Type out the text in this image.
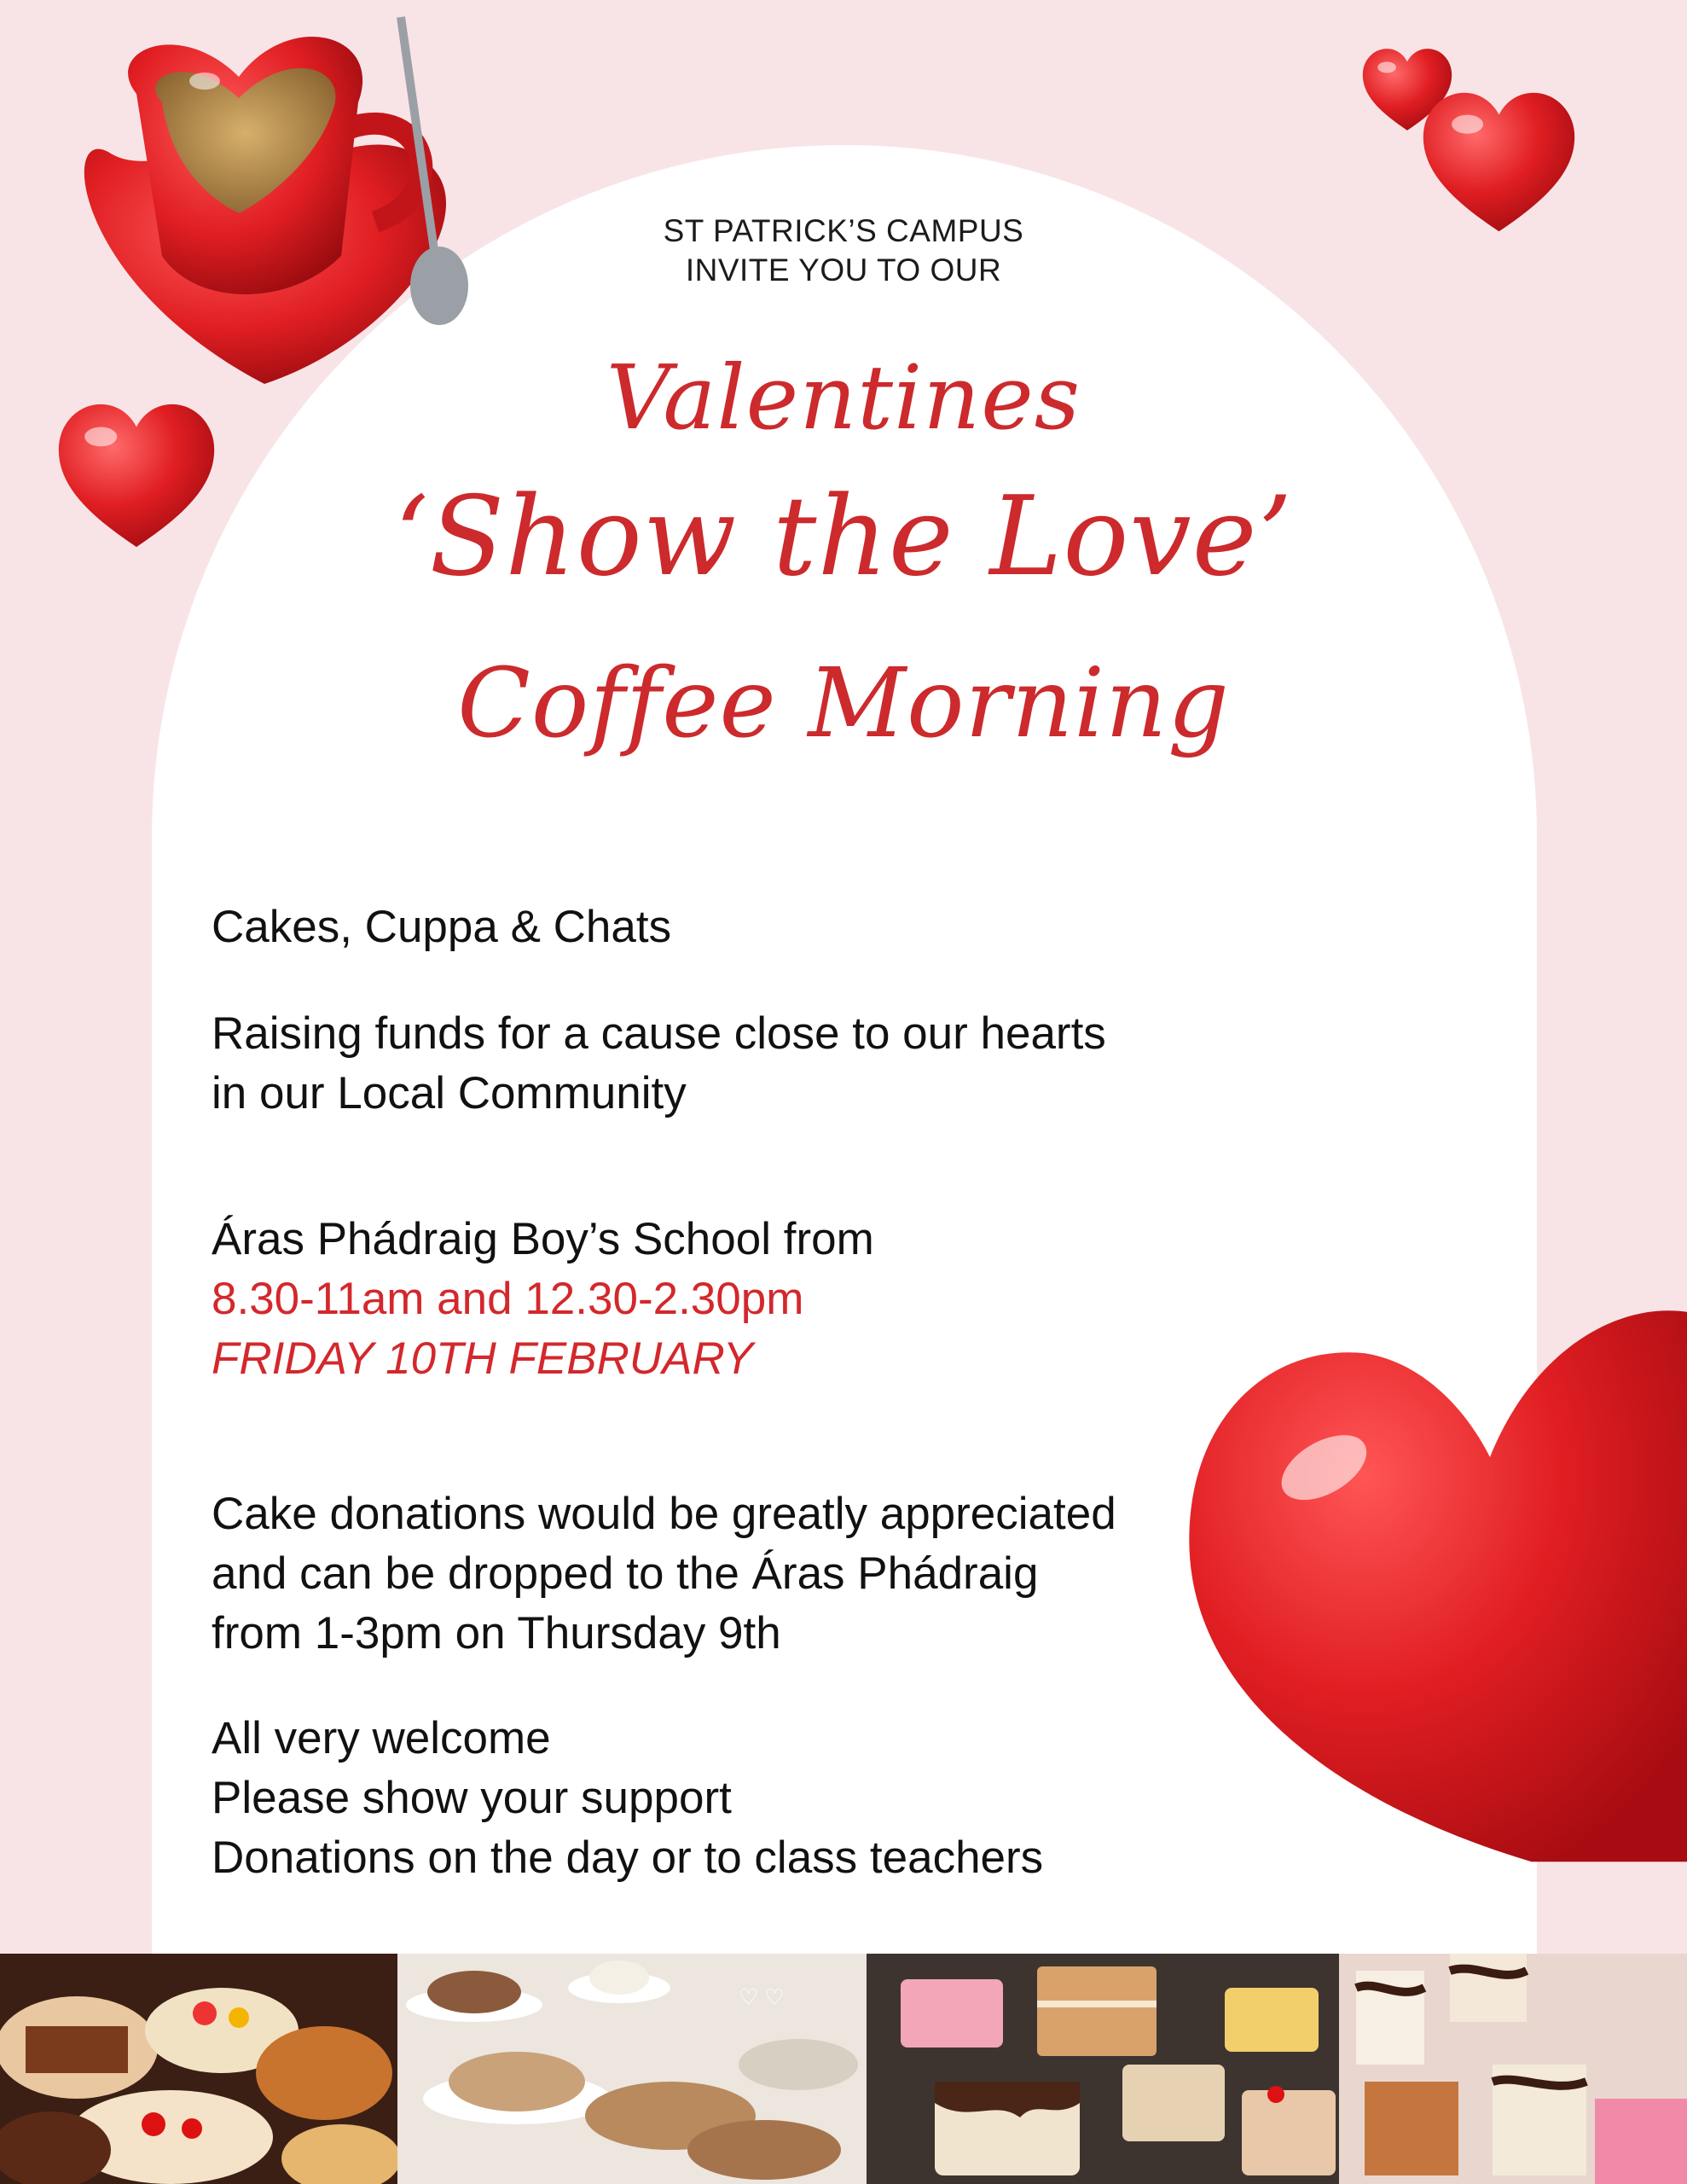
ST PATRICK’S CAMPUS
INVITE YOU TO OUR
Valentines
‘Show the Love’
Coffee Morning
Cakes, Cuppa & Chats
Raising funds for a cause close to our hearts
in our Local Community
Áras Phádraig Boy’s School from
8.30-11am and 12.30-2.30pm
FRIDAY 10TH FEBRUARY
Cake donations would be greatly appreciated
and can be dropped to the Áras Phádraig
from 1-3pm on Thursday 9th
All very welcome
Please show your support
Donations on the day or to class teachers
♡ ♡
